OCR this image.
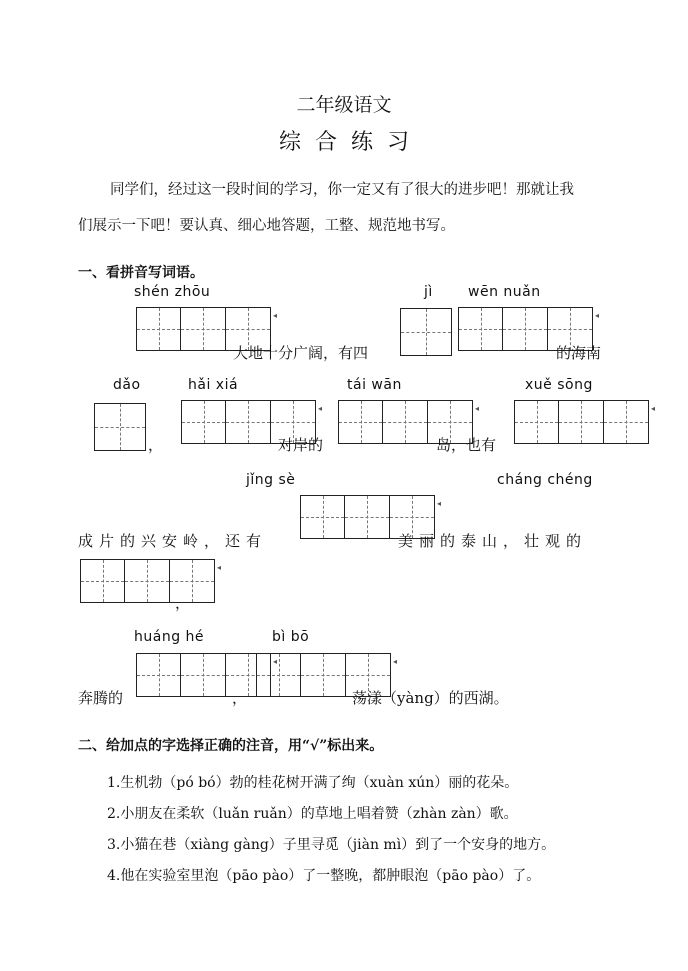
二年级语文
综合练习
同学们，经过这一段时间的学习，你一定又有了很大的进步吧！那就让我
们展示一下吧！要认真、细心地答题，工整、规范地书写。
一、看拼音写词语。
shén zhōu	jì	wēn nuǎn
◂
大地十分广阔，有四
◂
的海南
dǎo	hǎi xiá	tái wān	xuě sōng
，
◂
对岸的
◂
岛，也有
◂
jǐng sè	cháng chéng
成片的兴安岭，还有
◂
美丽的泰山，壮观的
◂
，
huáng hé	bì bō
奔腾的
◂
，
◂
荡漾（yàng）的西湖。
二、给加点的字选择正确的注音，用“√”标出来。
1.生机勃（pó bó）勃的桂花树开满了绚（xuàn xún）丽的花朵。
2.小朋友在柔软（luǎn ruǎn）的草地上唱着赞（zhàn zàn）歌。
3.小猫在巷（xiàng gàng）子里寻觅（jiàn mì）到了一个安身的地方。
4.他在实验室里泡（pāo pào）了一整晚，都肿眼泡（pāo pào）了。
